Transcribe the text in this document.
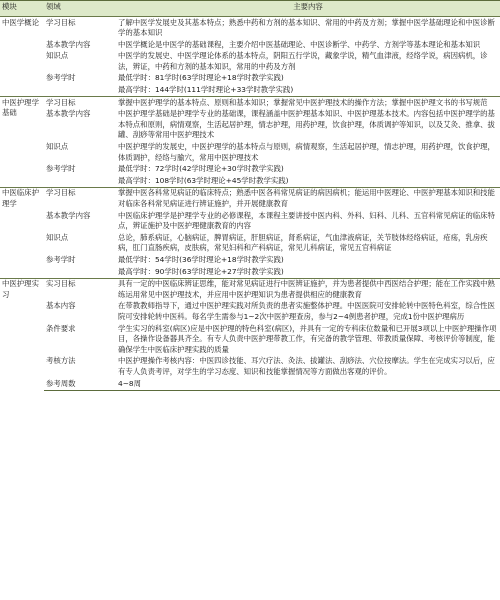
模块	领域	主要内容
中医学概论	学习目标	了解中医学发展史及其基本特点；熟悉中药和方剂的基本知识、常用的中药及方剂；掌握中医学基础理论和中医诊断学的基本知识
	基本教学内容	中医学概论是中医学的基础课程，主要介绍中医基础理论、中医诊断学、中药学、方剂学等基本理论和基本知识
	知识点	中医学的发展史、中医学理论体系的基本特点，阴阳五行学说，藏象学说，精气血津液，经络学说，病因病机，诊法，辨证，中药和方剂的基本知识，常用的中药及方剂
	参考学时	最低学时：81学时(63学时理论+18学时教学实践)
		最高学时：144学时(111学时理论+33学时教学实践)
中医护理学基础	学习目标	掌握中医护理学的基本特点、原则和基本知识；掌握常见中医护理技术的操作方法；掌握中医护理文书的书写规范
	基本教学内容	中医护理学基础是护理学专业的基础课，课程涵盖中医护理基本知识、中医护理基本技术。内容包括中医护理学的基本特点和原则，病情观察，生活起居护理，情志护理，用药护理，饮食护理，体质调护等知识，以及艾灸、推拿、拔罐、刮痧等常用中医护理技术
	知识点	中医护理学的发展史，中医护理学的基本特点与原则，病情观察，生活起居护理，情志护理，用药护理，饮食护理，体质调护，经络与腧穴，常用中医护理技术
	参考学时	最低学时：72学时(42学时理论+30学时教学实践)
		最高学时：108学时(63学时理论+45学时教学实践)
中医临床护理学	学习目标	掌握中医各科常见病证的临床特点；熟悉中医各科常见病证的病因病机；能运用中医理论、中医护理基本知识和技能对临床各科常见病证进行辨证施护，并开展健康教育
	基本教学内容	中医临床护理学是护理学专业的必修课程，本课程主要讲授中医内科、外科、妇科、儿科、五官科常见病证的临床特点，辨证施护及中医护理健康教育的内容
	知识点	总论，肺系病证，心脑病证，脾胃病证，肝胆病证，肾系病证，气血津液病证，关节肢体经络病证，疮疡，乳房疾病，肛门直肠疾病，皮肤病，常见妇科和产科病证，常见儿科病证，常见五官科病证
	参考学时	最低学时：54学时(36学时理论+18学时教学实践)
		最高学时：90学时(63学时理论+27学时教学实践)
中医护理实习	实习目标	具有一定的中医临床辨证思维，能对常见病证进行中医辨证施护，并为患者提供中西医结合护理；能在工作实践中熟练运用常见中医护理技术，并应用中医护理知识为患者提供相应的健康教育
	基本内容	在带教教师指导下，通过中医护理实践对所负责的患者实施整体护理。中医医院可安排轮转中医特色科室，综合性医院可安排轮转中医科。每名学生需参与1~2次中医护理查房，参与2~4例患者护理，完成1份中医护理病历
	条件要求	学生实习的科室(病区)应是中医护理的特色科室(病区)，并具有一定的专科床位数量和已开展3项以上中医护理操作项目，各操作设备器具齐全。有专人负责中医护理带教工作，有完备的教学管理、带教质量保障、考核评价等制度，能确保学生中医临床护理实践的质量
	考核方法	中医护理操作考核内容：中医四诊技能、耳穴疗法、灸法、拔罐法、刮痧法、穴位按摩法。学生在完成实习以后，应有专人负责考评，对学生的学习态度、知识和技能掌握情况等方面做出客观的评价。
	参考周数	4~8周
